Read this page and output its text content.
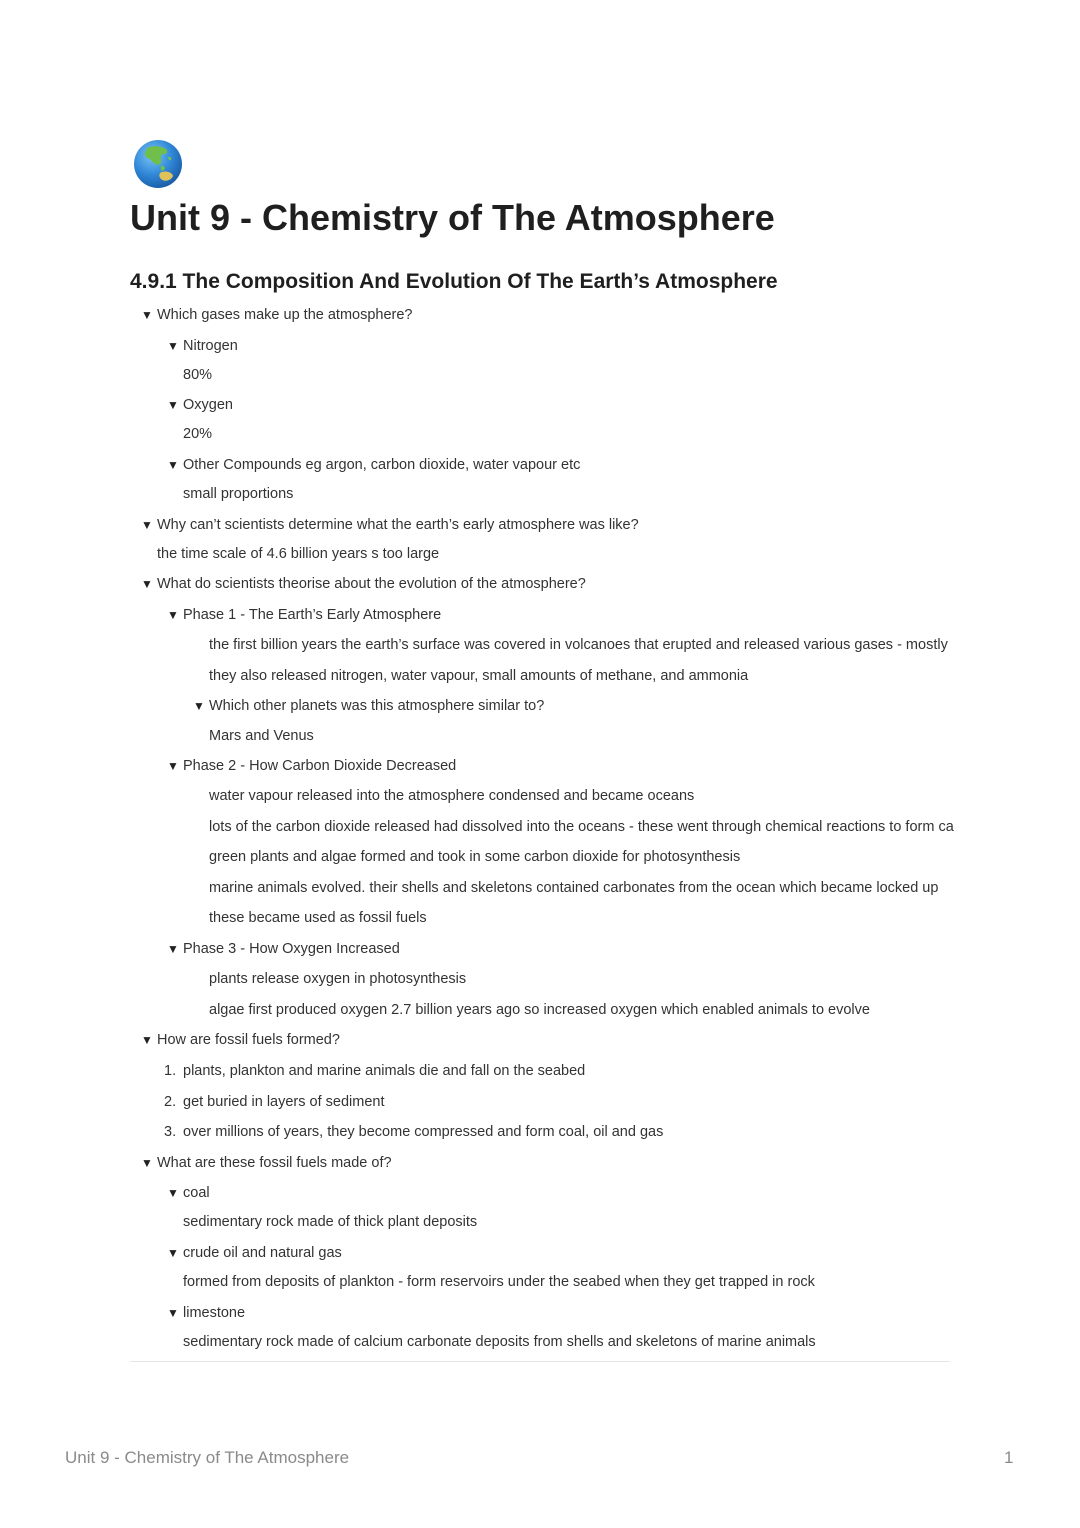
Unit 9 - Chemistry of The Atmosphere
4.9.1 The Composition And Evolution Of The Earth’s Atmosphere
▼ Which gases make up the atmosphere?
▼ Nitrogen
80%
▼ Oxygen
20%
▼ Other Compounds eg argon, carbon dioxide, water vapour etc
small proportions
▼ Why can’t scientists determine what the earth’s early atmosphere was like?
the time scale of 4.6 billion years s too large
▼ What do scientists theorise about the evolution of the atmosphere?
▼ Phase 1 - The Earth’s Early Atmosphere
the first billion years the earth’s surface was covered in volcanoes that erupted and released various gases - mostly
they also released nitrogen, water vapour, small amounts of methane, and ammonia
▼ Which other planets was this atmosphere similar to?
Mars and Venus
▼ Phase 2 - How Carbon Dioxide Decreased
water vapour released into the atmosphere condensed and became oceans
lots of the carbon dioxide released had dissolved into the oceans - these went through chemical reactions to form ca
green plants and algae formed and took in some carbon dioxide for photosynthesis
marine animals evolved. their shells and skeletons contained carbonates from the ocean which became locked up
these became used as fossil fuels
▼ Phase 3 - How Oxygen Increased
plants release oxygen in photosynthesis
algae first produced oxygen 2.7 billion years ago so increased oxygen which enabled animals to evolve
▼ How are fossil fuels formed?
1. plants, plankton and marine animals die and fall on the seabed
2. get buried in layers of sediment
3. over millions of years, they become compressed and form coal, oil and gas
▼ What are these fossil fuels made of?
▼ coal
sedimentary rock made of thick plant deposits
▼ crude oil and natural gas
formed from deposits of plankton - form reservoirs under the seabed when they get trapped in rock
▼ limestone
sedimentary rock made of calcium carbonate deposits from shells and skeletons of marine animals
Unit 9 - Chemistry of The Atmosphere	1
